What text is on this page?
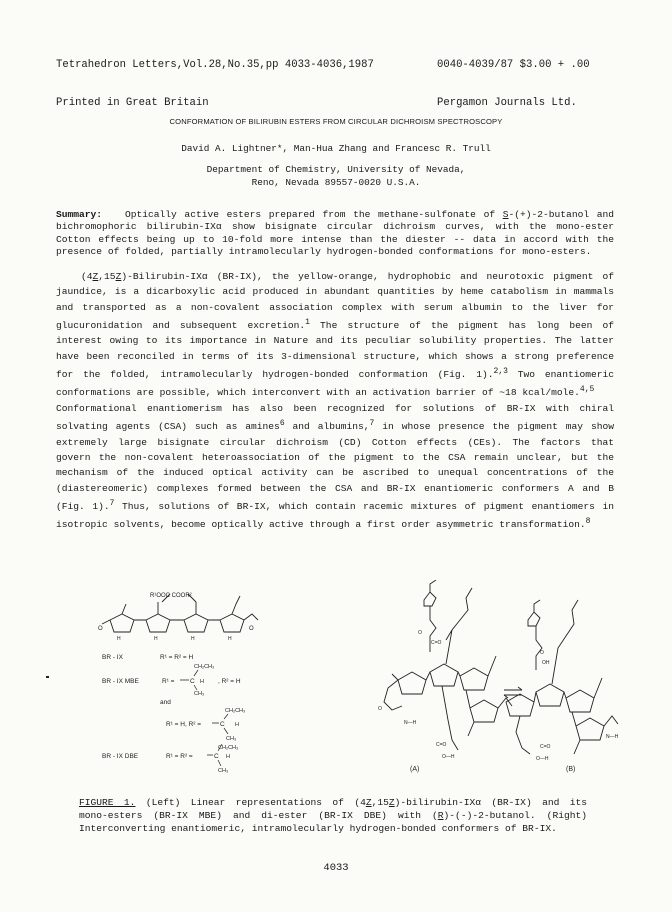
Tetrahedron Letters,Vol.28,No.35,pp 4033-4036,1987

Printed in Great Britain

0040-4039/87 $3.00 + .00

Pergamon Journals Ltd.

CONFORMATION OF BILIRUBIN ESTERS FROM CIRCULAR DICHROISM SPECTROSCOPY
David A. Lightner*, Man-Hua Zhang and Francesc R. Trull
Department of Chemistry, University of Nevada,
Reno, Nevada 89557-0020 U.S.A.
Summary: Optically active esters prepared from the methane-sulfonate of S-(+)-2-butanol and
bichromophoric bilirubin-IXα show bisignate circular dichroism curves, with the mono-ester
Cotton effects being up to 10-fold more intense than the diester -- data in accord with the
presence of folded, partially intramolecularly hydrogen-bonded conformations for mono-esters.
(4Z,15Z)-Bilirubin-IXα (BR-IX), the yellow-orange, hydrophobic and neurotoxic pigment of
jaundice, is a dicarboxylic acid produced in abundant quantities by heme catabolism in mammals
and transported as a non-covalent association complex with serum albumin to the liver for
glucuronidation and subsequent excretion.$^1$ The structure of the pigment has long been of
interest owing to its importance in Nature and its peculiar solubility properties. The latter
have been reconciled in terms of its 3-dimensional structure, which shows a strong preference
for the folded, intramolecularly hydrogen-bonded conformation (Fig. 1).$^{2,3}$ Two enantiomeric
conformations are possible, which interconvert with an activation barrier of ~18 kcal/mole.$^{4,5}$
Conformational enantiomerism has also been recognized for solutions of BR-IX with chiral
solvating agents (CSA) such as amines$^6$ and albumins,$^7$ in whose presence the pigment may show
extremely large bisignate circular dichroism (CD) Cotton effects (CEs). The factors that
govern the non-covalent heteroassociation of the pigment to the CSA remain unclear, but the
mechanism of the induced optical activity can be ascribed to unequal concentrations of the
(diastereomeric) complexes formed between the CSA and BR-IX enantiomeric conformers A and B
(Fig. 1).$^7$ Thus, solutions of BR-IX, which contain racemic mixtures of pigment enantiomers in
isotropic solvents, become optically active through a first order asymmetric transformation.$^8$
R¹OOC COOR²
O	O
H	H	H	H
BR - IX	R¹ = R² = H
BR - IX MBE	R¹ =
CH₂CH₃
C H
CH₃
, R² = H
and
CH₂CH₃
R¹ = H, R² =	C H
CH₃
CH₂CH₃
BR - IX DBE	R¹ = R² =	C H
CH₃
O
C=O
O
C=O
O—H
N—H
(A)
O
OH
C=O
O—H
N—H
(B)
FIGURE 1. (Left) Linear representations of (4Z,15Z)-bilirubin-IXα (BR-IX) and its
mono-esters (BR-IX MBE) and di-ester (BR-IX DBE) with (R)-(-)-2-butanol. (Right)
Interconverting enantiomeric, intramolecularly hydrogen-bonded conformers of BR-IX.
4033
